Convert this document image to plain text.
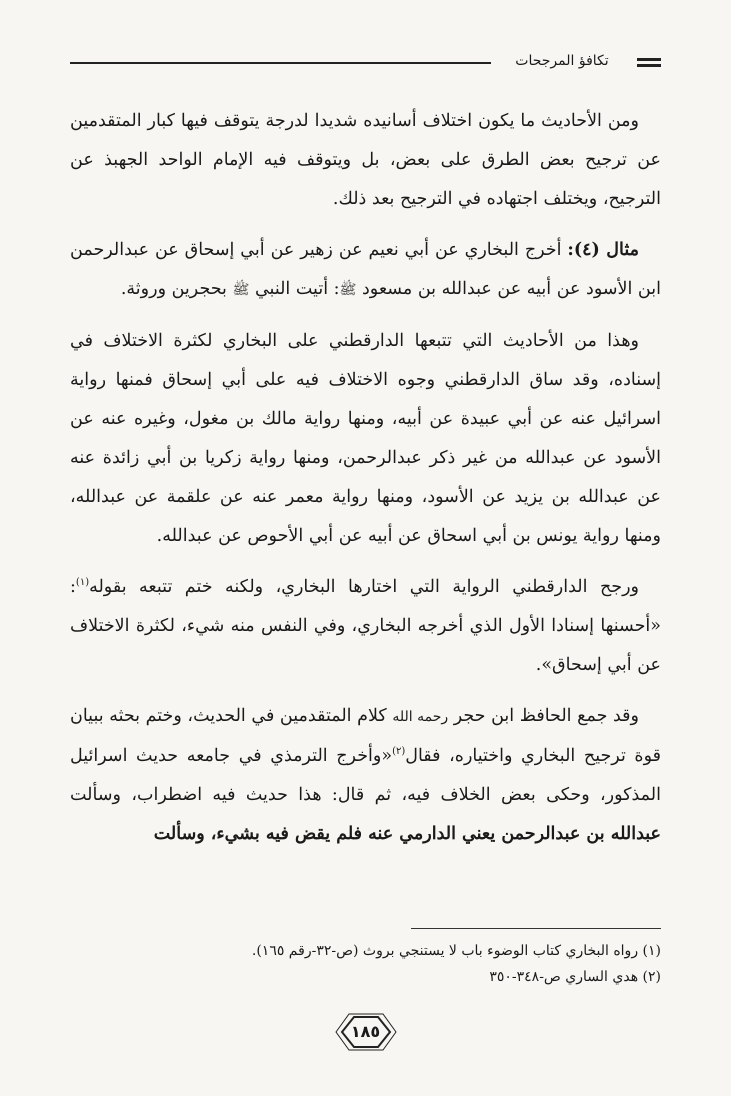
تكافؤ المرجحات

ومن الأحاديث ما يكون اختلاف أسانيده شديدا لدرجة يتوقف فيها كبار المتقدمين عن ترجيح بعض الطرق على بعض، بل ويتوقف فيه الإمام الواحد الجهبذ عن الترجيح، ويختلف اجتهاده في الترجيح بعد ذلك.

مثال (٤): أخرج البخاري عن أبي نعيم عن زهير عن أبي إسحاق عن عبدالرحمن ابن الأسود عن أبيه عن عبدالله بن مسعود ﷺ: أتيت النبي ﷺ بحجرين وروثة.

وهذا من الأحاديث التي تتبعها الدارقطني على البخاري لكثرة الاختلاف في إسناده، وقد ساق الدارقطني وجوه الاختلاف فيه على أبي إسحاق فمنها رواية اسرائيل عنه عن أبي عبيدة عن أبيه، ومنها رواية مالك بن مغول، وغيره عنه عن الأسود عن عبدالله من غير ذكر عبدالرحمن، ومنها رواية زكريا بن أبي زائدة عنه عن عبدالله بن يزيد عن الأسود، ومنها رواية معمر عنه عن علقمة عن عبدالله، ومنها رواية يونس بن أبي اسحاق عن أبيه عن أبي الأحوص عن عبدالله.

ورجح الدارقطني الرواية التي اختارها البخاري، ولكنه ختم تتبعه بقوله$^{(١)}$: «أحسنها إسنادا الأول الذي أخرجه البخاري، وفي النفس منه شيء، لكثرة الاختلاف عن أبي إسحاق».

وقد جمع الحافظ ابن حجر رحمه الله كلام المتقدمين في الحديث، وختم بحثه ببيان قوة ترجيح البخاري واختياره، فقال$^{(٢)}$«وأخرج الترمذي في جامعه حديث اسرائيل المذكور، وحكى بعض الخلاف فيه، ثم قال: هذا حديث فيه اضطراب، وسألت عبدالله بن عبدالرحمن يعني الدارمي عنه فلم يقض فيه بشيء، وسألت

(١) رواه البخاري كتاب الوضوء باب لا يستنجي بروث (ص-٣٢-رقم ١٦٥).
(٢) هدي الساري ص-٣٤٨-٣٥٠
١٨٥
